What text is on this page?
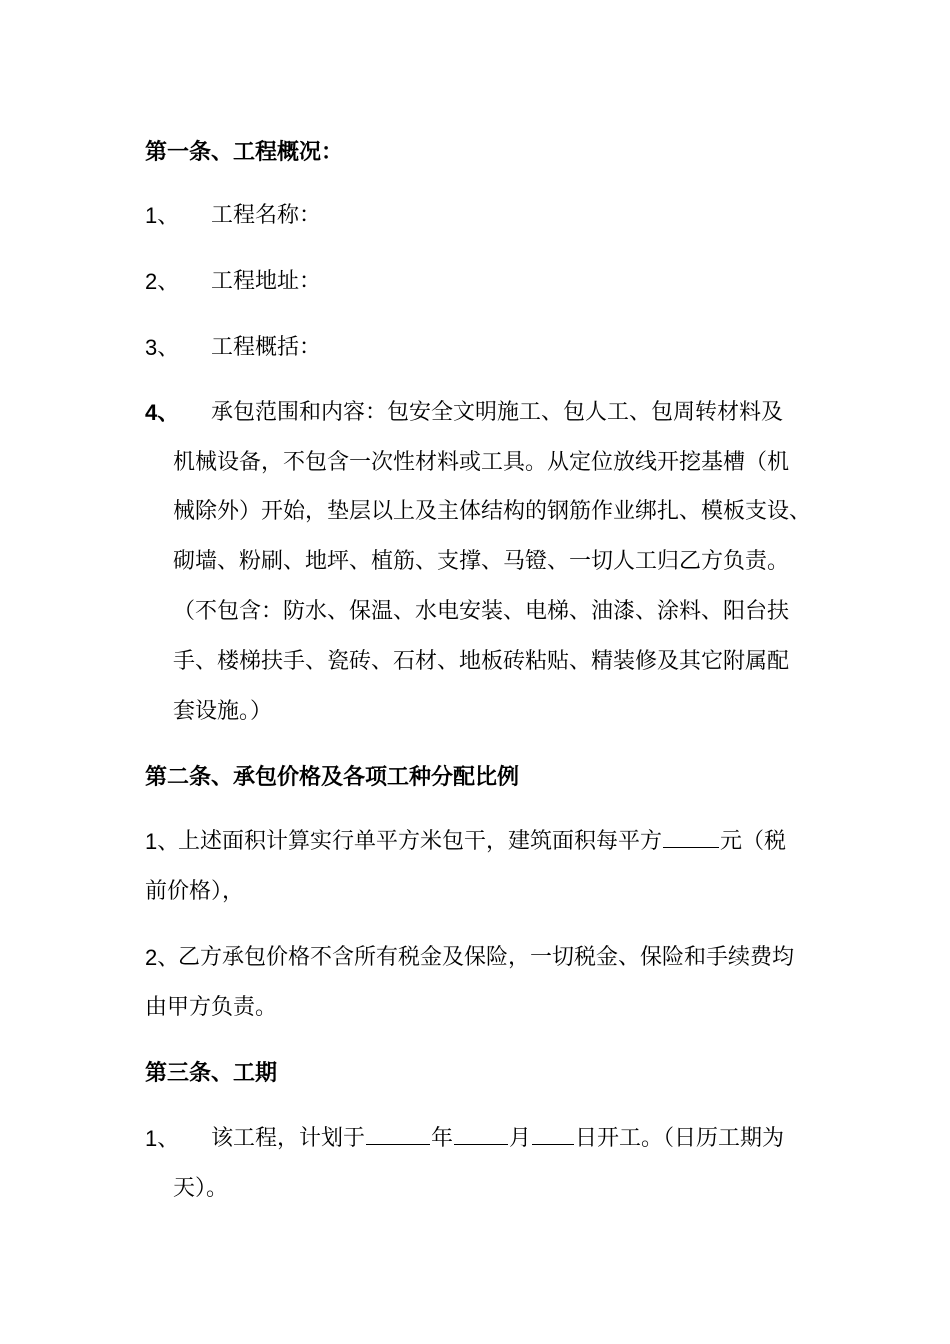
第一条、工程概况：
1、 工程名称：
2、 工程地址：
3、 工程概括：
4、 承包范围和内容：包安全文明施工、包人工、包周转材料及
机械设备，不包含一次性材料或工具。从定位放线开挖基槽（机
械除外）开始，垫层以上及主体结构的钢筋作业绑扎、模板支设、
砌墙、粉刷、地坪、植筋、支撑、马镫、一切人工归乙方负责。
（不包含：防水、保温、水电安装、电梯、油漆、涂料、阳台扶
手、楼梯扶手、瓷砖、石材、地板砖粘贴、精装修及其它附属配
套设施。）
第二条、承包价格及各项工种分配比例
1、
上述面积计算实行单平方米包干，建筑面积每平方	元（税
前价格），
2、
乙方承包价格不含所有税金及保险，一切税金、保险和手续费均
由甲方负责。
第三条、工期
1、 该工程，计划于	年	月 日开工。（日历工期为
天）。
